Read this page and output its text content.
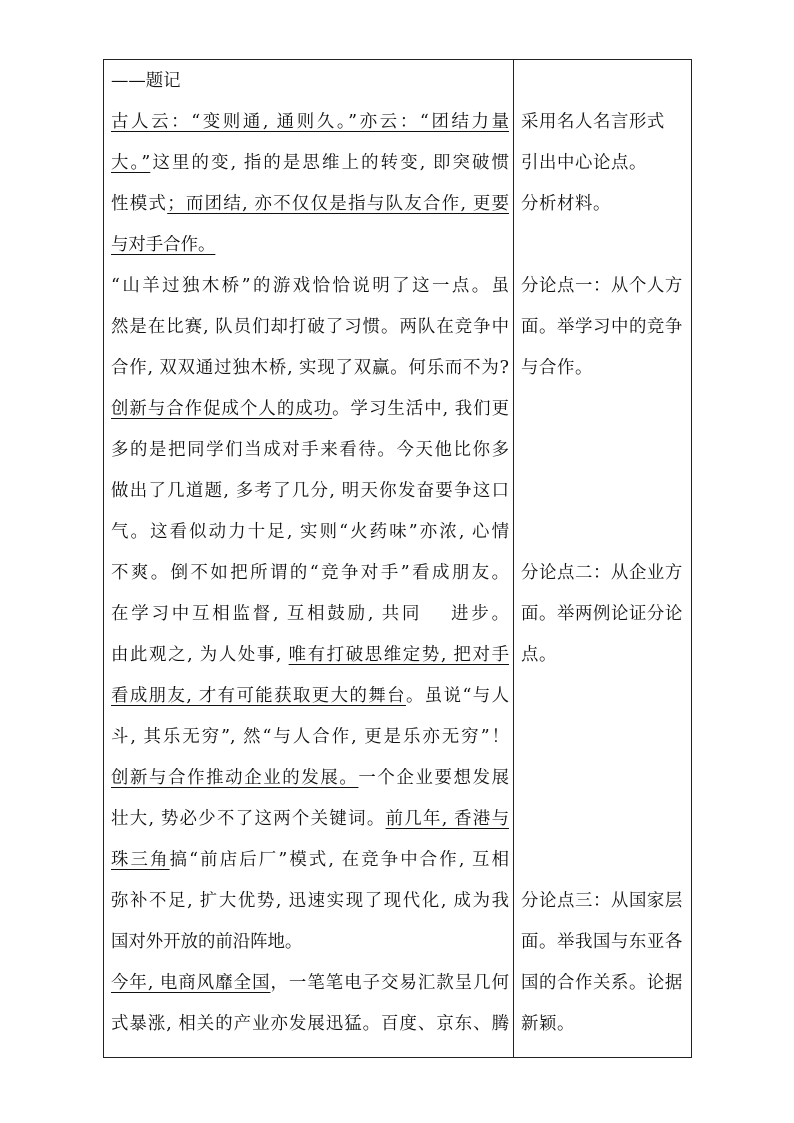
——题记
古人云：“变则通, 通则久。”亦云：“团结力量
大。”这里的变, 指的是思维上的转变, 即突破惯
性模式；而团结, 亦不仅仅是指与队友合作, 更要
与对手合作。
“山羊过独木桥”的游戏恰恰说明了这一点。虽
然是在比赛, 队员们却打破了习惯。两队在竞争中
合作, 双双通过独木桥, 实现了双赢。何乐而不为?
创新与合作促成个人的成功。学习生活中, 我们更
多的是把同学们当成对手来看待。今天他比你多
做出了几道题, 多考了几分, 明天你发奋要争这口
气。这看似动力十足, 实则“火药味”亦浓, 心情
不爽。倒不如把所谓的“竞争对手”看成朋友。
在学习中互相监督, 互相鼓励, 共同 进步。
由此观之, 为人处事, 唯有打破思维定势, 把对手
看成朋友, 才有可能获取更大的舞台。虽说“与人
斗, 其乐无穷”, 然“与人合作, 更是乐亦无穷”！
创新与合作推动企业的发展。一个企业要想发展
壮大, 势必少不了这两个关键词。前几年, 香港与
珠三角搞“前店后厂”模式, 在竞争中合作, 互相
弥补不足, 扩大优势, 迅速实现了现代化, 成为我
国对外开放的前沿阵地。
今年, 电商风靡全国，一笔笔电子交易汇款呈几何
式暴涨, 相关的产业亦发展迅猛。百度、京东、腾
采用名人名言形式
引出中心论点。
分析材料。
分论点一：从个人方
面。举学习中的竞争
与合作。
分论点二：从企业方
面。举两例论证分论
点。
分论点三：从国家层
面。举我国与东亚各
国的合作关系。论据
新颖。
